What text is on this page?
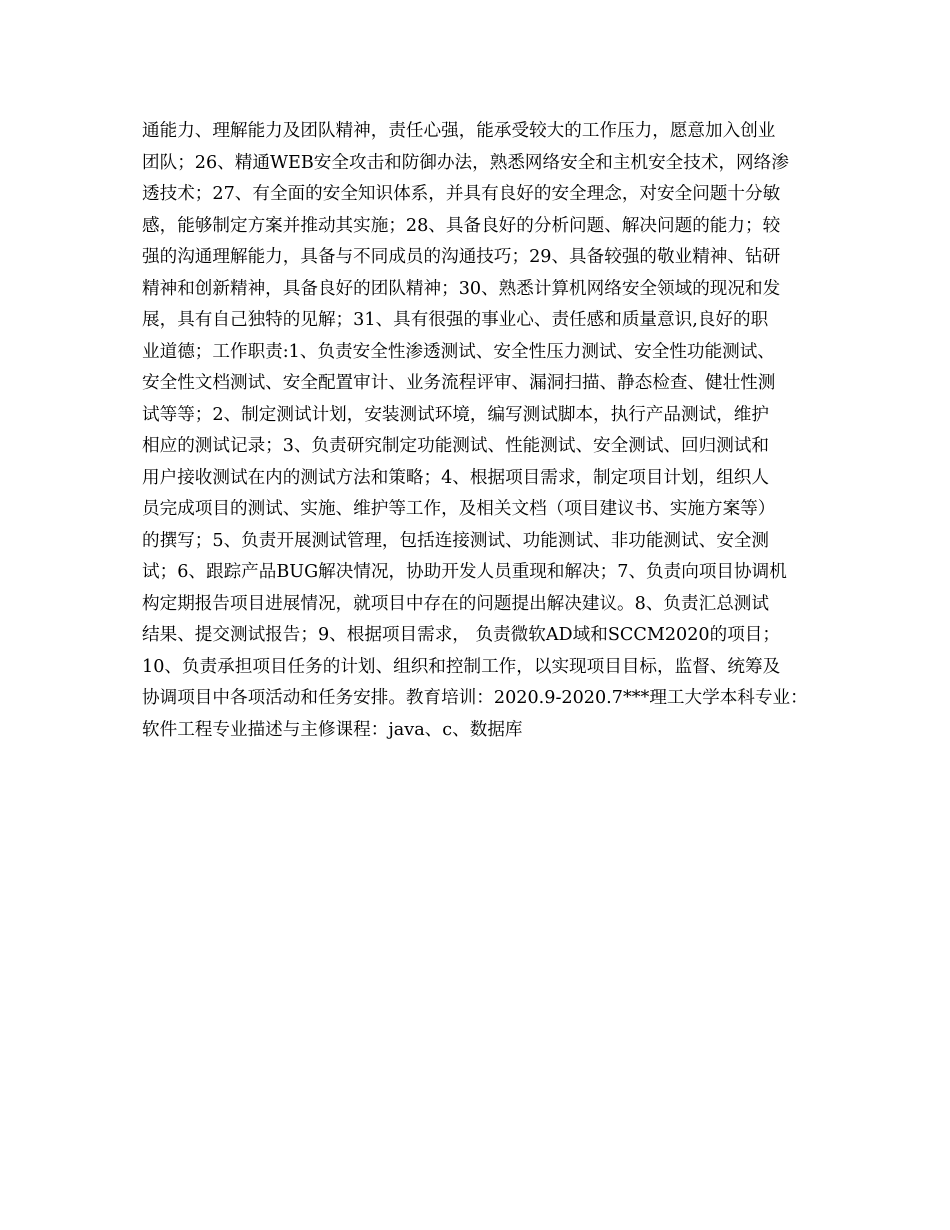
通能力、理解能力及团队精神，责任心强，能承受较大的工作压力，愿意加入创业
团队；26、精通WEB安全攻击和防御办法，熟悉网络安全和主机安全技术，网络渗
透技术；27、有全面的安全知识体系，并具有良好的安全理念，对安全问题十分敏
感，能够制定方案并推动其实施；28、具备良好的分析问题、解决问题的能力；较
强的沟通理解能力，具备与不同成员的沟通技巧；29、具备较强的敬业精神、钻研
精神和创新精神，具备良好的团队精神；30、熟悉计算机网络安全领域的现况和发
展，具有自己独特的见解；31、具有很强的事业心、责任感和质量意识,良好的职
业道德；工作职责:1、负责安全性渗透测试、安全性压力测试、安全性功能测试、
安全性文档测试、安全配置审计、业务流程评审、漏洞扫描、静态检查、健壮性测
试等等；2、制定测试计划，安装测试环境，编写测试脚本，执行产品测试，维护
相应的测试记录；3、负责研究制定功能测试、性能测试、安全测试、回归测试和
用户接收测试在内的测试方法和策略；4、根据项目需求，制定项目计划，组织人
员完成项目的测试、实施、维护等工作，及相关文档（项目建议书、实施方案等）
的撰写；5、负责开展测试管理，包括连接测试、功能测试、非功能测试、安全测
试；6、跟踪产品BUG解决情况，协助开发人员重现和解决；7、负责向项目协调机
构定期报告项目进展情况，就项目中存在的问题提出解决建议。8、负责汇总测试
结果、提交测试报告；9、根据项目需求， 负责微软AD域和SCCM2020的项目；
10、负责承担项目任务的计划、组织和控制工作，以实现项目目标，监督、统筹及
协调项目中各项活动和任务安排。教育培训：2020.9-2020.7***理工大学本科专业：
软件工程专业描述与主修课程：java、c、数据库
